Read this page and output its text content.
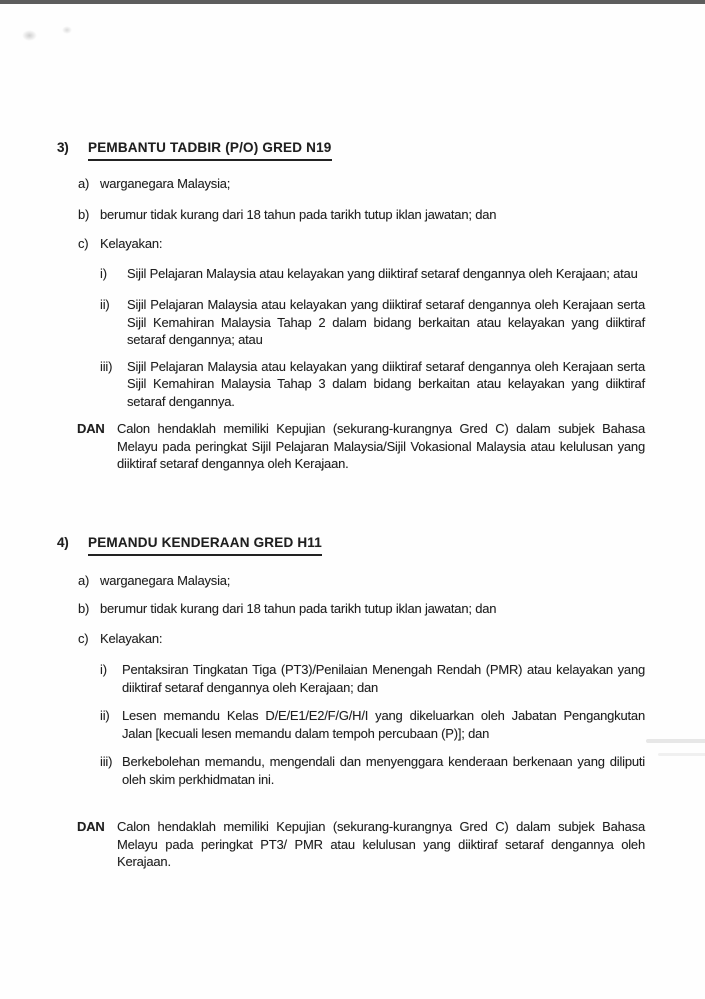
3)	PEMBANTU TADBIR (P/O) GRED N19
a) warganegara Malaysia;
b) berumur tidak kurang dari 18 tahun pada tarikh tutup iklan jawatan; dan
c) Kelayakan:
i)	Sijil Pelajaran Malaysia atau kelayakan yang diiktiraf setaraf dengannya oleh Kerajaan; atau
ii)	Sijil Pelajaran Malaysia atau kelayakan yang diiktiraf setaraf dengannya oleh Kerajaan serta Sijil Kemahiran Malaysia Tahap 2 dalam bidang berkaitan atau kelayakan yang diiktiraf setaraf dengannya; atau
iii)	Sijil Pelajaran Malaysia atau kelayakan yang diiktiraf setaraf dengannya oleh Kerajaan serta Sijil Kemahiran Malaysia Tahap 3 dalam bidang berkaitan atau kelayakan yang diiktiraf setaraf dengannya.
DAN Calon hendaklah memiliki Kepujian (sekurang-kurangnya Gred C) dalam subjek Bahasa Melayu pada peringkat Sijil Pelajaran Malaysia/Sijil Vokasional Malaysia atau kelulusan yang diiktiraf setaraf dengannya oleh Kerajaan.
4)	PEMANDU KENDERAAN GRED H11
a) warganegara Malaysia;
b) berumur tidak kurang dari 18 tahun pada tarikh tutup iklan jawatan; dan
c) Kelayakan:
i)	Pentaksiran Tingkatan Tiga (PT3)/Penilaian Menengah Rendah (PMR) atau kelayakan yang diiktiraf setaraf dengannya oleh Kerajaan; dan
ii) Lesen memandu Kelas D/E/E1/E2/F/G/H/I yang dikeluarkan oleh Jabatan Pengangkutan Jalan [kecuali lesen memandu dalam tempoh percubaan (P)]; dan
iii) Berkebolehan memandu, mengendali dan menyenggara kenderaan berkenaan yang diliputi oleh skim perkhidmatan ini.
DAN Calon hendaklah memiliki Kepujian (sekurang-kurangnya Gred C) dalam subjek Bahasa Melayu pada peringkat PT3/ PMR atau kelulusan yang diiktiraf setaraf dengannya oleh Kerajaan.
